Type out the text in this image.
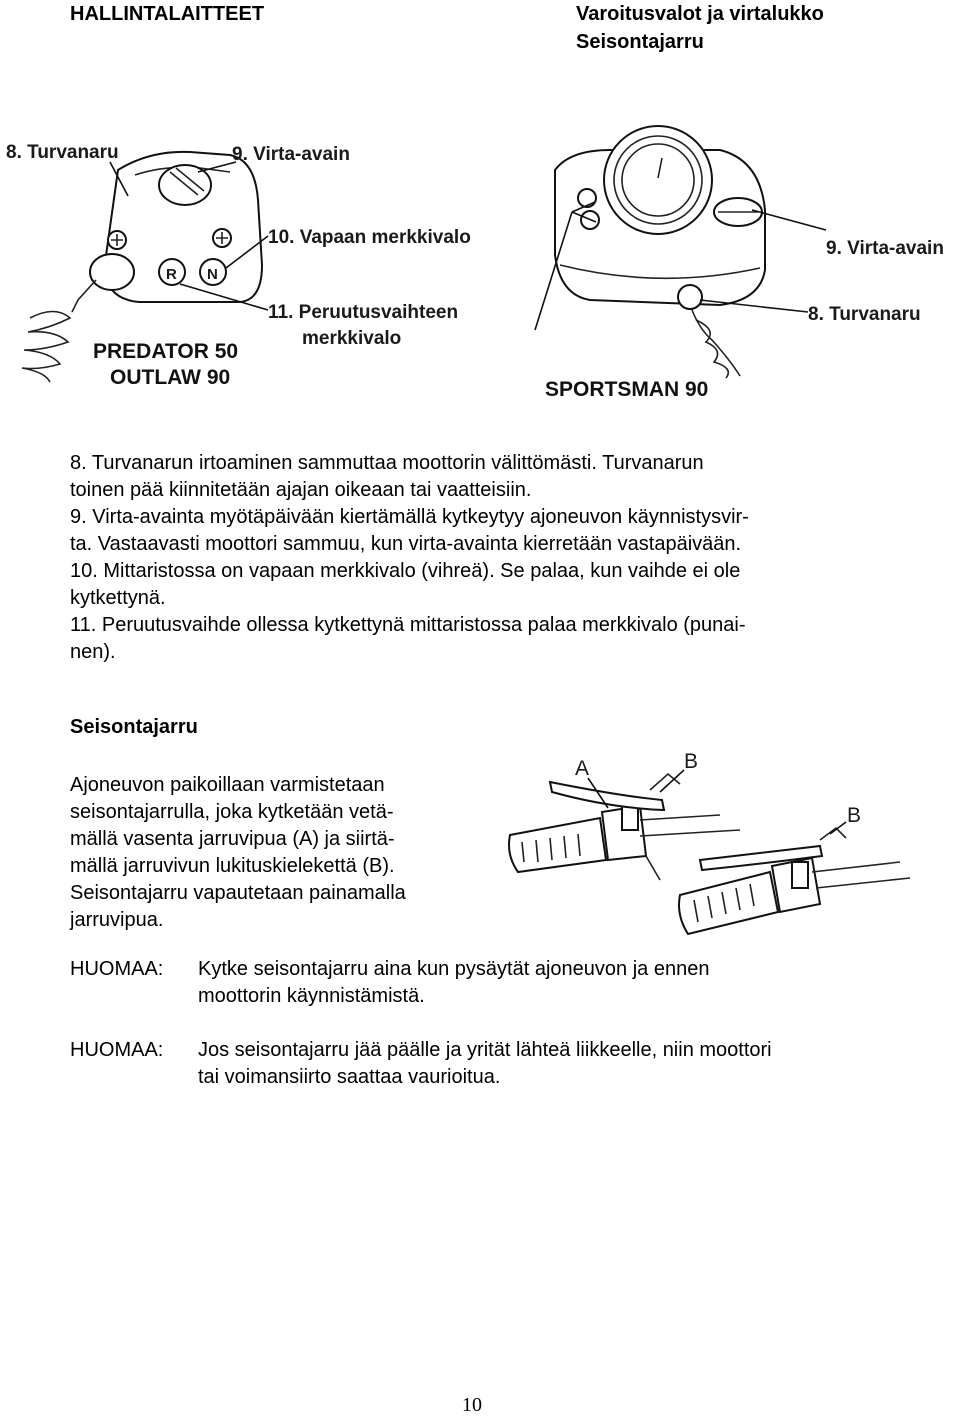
HALLINTALAITTEET	Varoitusvalot ja virtalukko
Seisontajarru
R N
8. Turvanaru	9. Virta-avain
10. Vapaan merkkivalo
11. Peruutusvaihteen
merkkivalo
PREDATOR 50
OUTLAW 90
9. Virta-avain
8. Turvanaru
SPORTSMAN 90

8. Turvanarun irtoaminen sammuttaa moottorin välittömästi. Turvanarun

toinen pää kiinnitetään ajajan oikeaan tai vaatteisiin.

9. Virta-avainta myötäpäivään kiertämällä kytkeytyy ajoneuvon käynnistysvir-

ta. Vastaavasti moottori sammuu, kun virta-avainta kierretään vastapäivään.

10. Mittaristossa on vapaan merkkivalo (vihreä). Se palaa, kun vaihde ei ole

kytkettynä.

11. Peruutusvaihde ollessa kytkettynä mittaristossa palaa merkkivalo (punai-

nen).

Seisontajarru
Ajoneuvon paikoillaan varmistetaan
seisontajarrulla, joka kytketään vetä-
mällä vasenta jarruvipua (A) ja siirtä-
mällä jarruvivun lukituskielekettä (B).
Seisontajarru vapautetaan painamalla
jarruvipua.
A	B
B
HUOMAA: Kytke seisontajarru aina kun pysäytät ajoneuvon ja ennen
moottorin käynnistämistä.
HUOMAA: Jos seisontajarru jää päälle ja yrität lähteä liikkeelle, niin moottori
tai voimansiirto saattaa vaurioitua.
10
